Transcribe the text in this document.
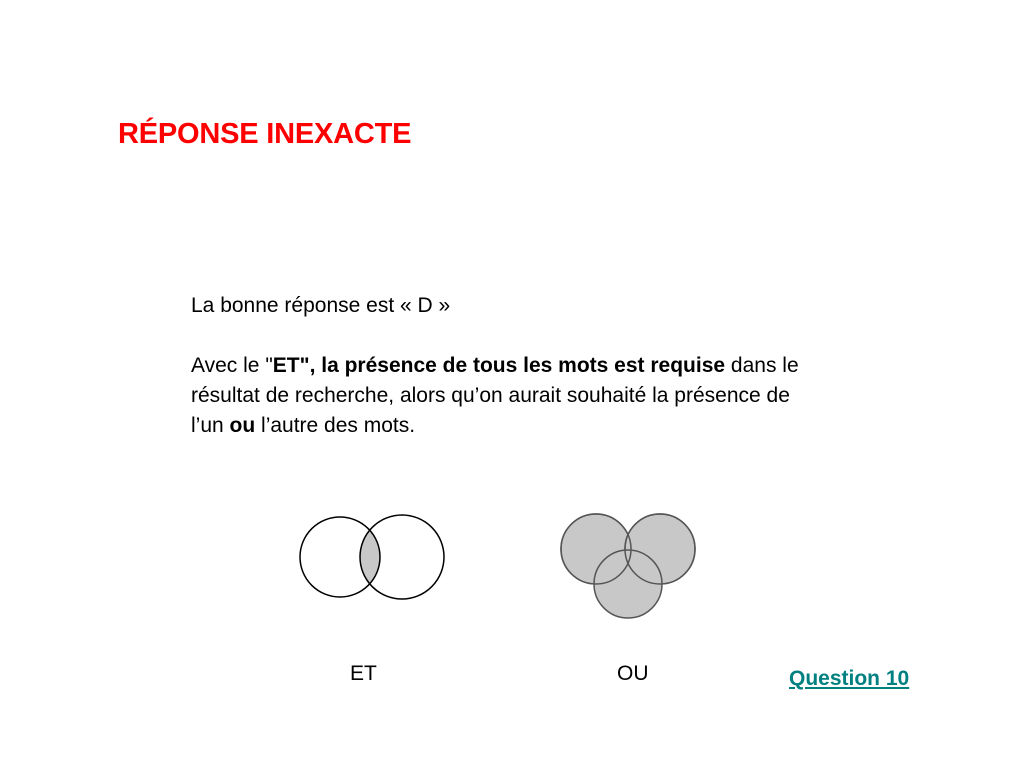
RÉPONSE INEXACTE
La bonne réponse est « D »
Avec le "ET", la présence de tous les mots est requise dans le
résultat de recherche, alors qu’on aurait souhaité la présence de
l’un ou l’autre des mots.
ET	OU	Question 10
